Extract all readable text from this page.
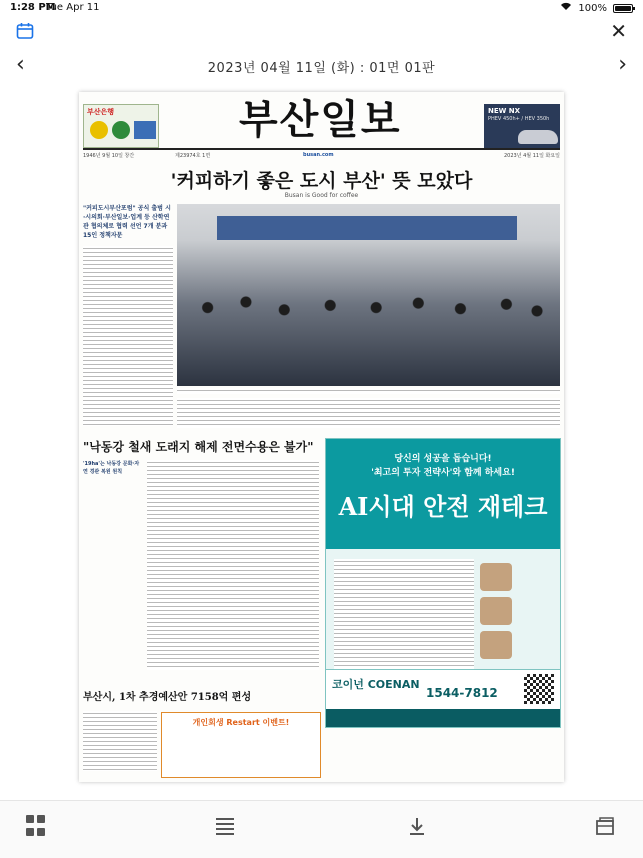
1:28 PM
Tue Apr 11	100%
✕
‹	2023년 04월 11일 (화) : 01면 01판	›
부산은행	부산일보	NEW NX
PHEV 450h+ / HEV 350h
1946년 9월 10일 창간	제23974호 1면	busan.com	2023년 4월 11일 화요일
'커피하기 좋은 도시 부산' 뜻 모았다
Busan is Good for coffee
"커피도시부산포럼" 공식 출범 시·시의회·부산일보·업계 등 산학연관 협의체로 협력 선언 7개 분과 15인 정책자문
"낙동강 철새 도래지 해제 전면수용은 불가"
'19ha'는 낙동강 문화·자연 경관 복원 원칙
당신의 성공을 돕습니다!
'최고의 투자 전략사'와 함께 하세요!
AI시대 안전 재테크
코이넌 COENAN
1544-7812
부산시, 1차 추경예산안 7158억 편성
개인회생 Restart 이벤트!
